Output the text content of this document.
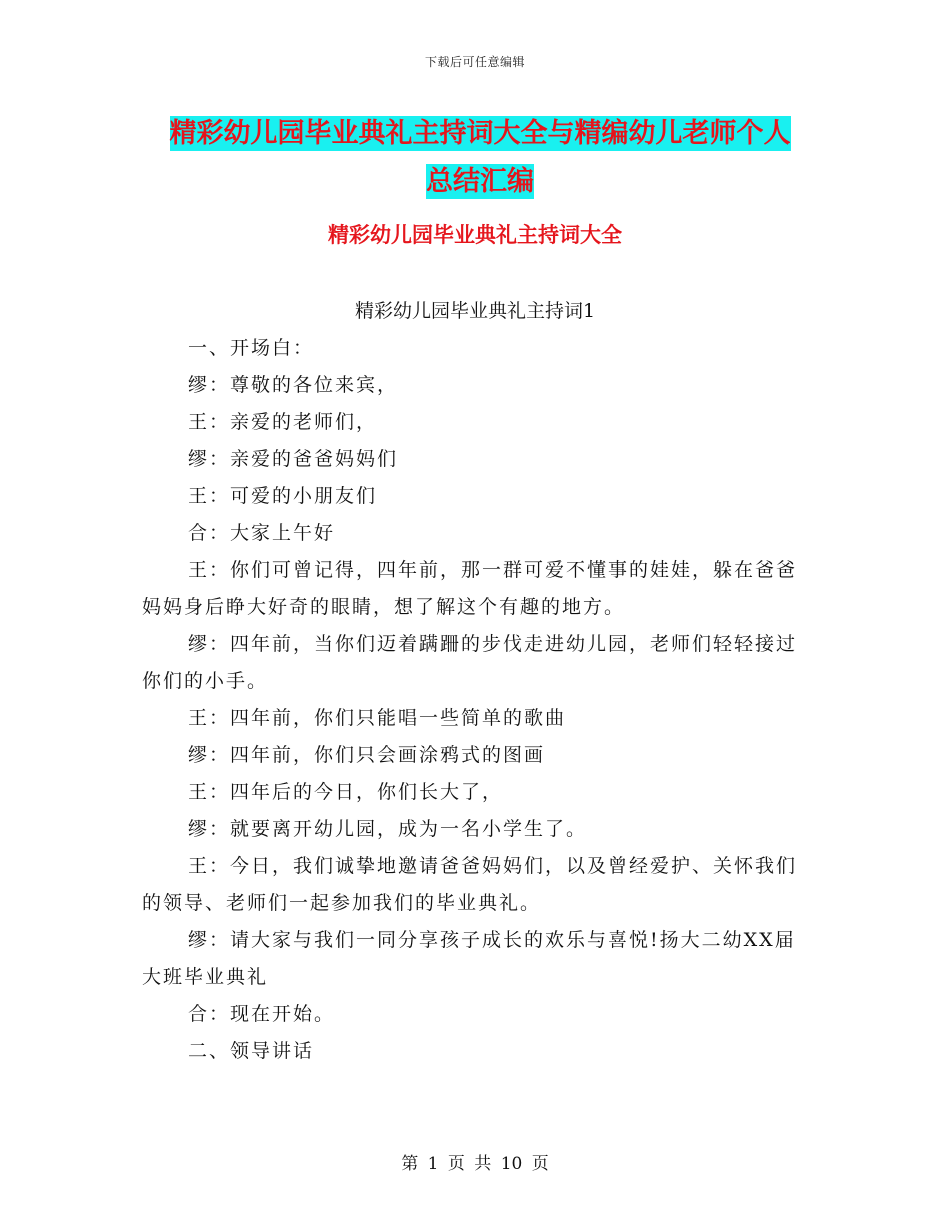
下载后可任意编辑
精彩幼儿园毕业典礼主持词大全与精编幼儿老师个人
总结汇编
精彩幼儿园毕业典礼主持词大全
精彩幼儿园毕业典礼主持词1

一、开场白：

缪：尊敬的各位来宾，

王：亲爱的老师们，

缪：亲爱的爸爸妈妈们

王：可爱的小朋友们

合：大家上午好

王：你们可曾记得，四年前，那一群可爱不懂事的娃娃，躲在爸爸妈妈身后睁大好奇的眼睛，想了解这个有趣的地方。

缪：四年前，当你们迈着蹒跚的步伐走进幼儿园，老师们轻轻接过你们的小手。

王：四年前，你们只能唱一些简单的歌曲

缪：四年前，你们只会画涂鸦式的图画

王：四年后的今日，你们长大了，

缪：就要离开幼儿园，成为一名小学生了。

王：今日，我们诚挚地邀请爸爸妈妈们，以及曾经爱护、关怀我们的领导、老师们一起参加我们的毕业典礼。

缪：请大家与我们一同分享孩子成长的欢乐与喜悦!扬大二幼XX届大班毕业典礼

合：现在开始。

二、领导讲话

第 1 页 共 10 页
